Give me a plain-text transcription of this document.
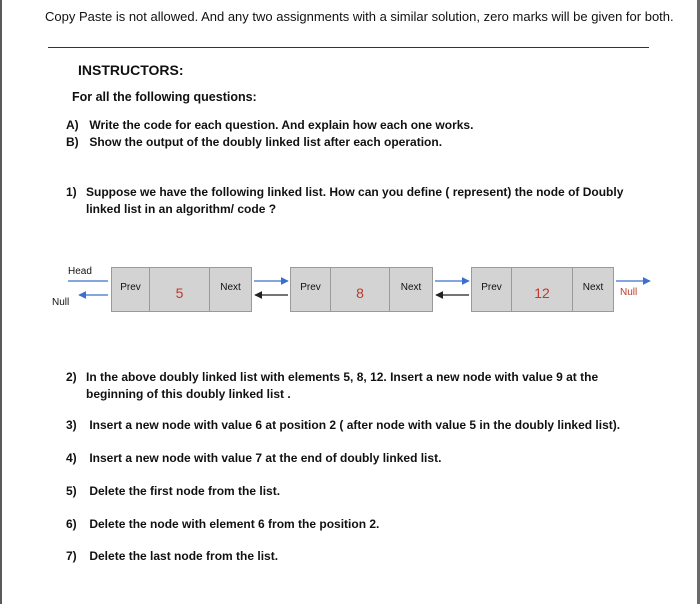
Copy Paste is not allowed. And any two assignments with a similar solution, zero marks will be given for both.
INSTRUCTORS:
For all the following questions:
A) Write the code for each question. And explain how each one works.
B) Show the output of the doubly linked list after each operation.
1) Suppose we have the following linked list. How can you define ( represent) the node of Doubly linked list in an algorithm/ code ?
Head
Null
Null
Prev	5	Next	Prev	8	Next	Prev	12	Next
2) In the above doubly linked list with elements 5, 8, 12. Insert a new node with value 9 at the beginning of this doubly linked list .
3) Insert a new node with value 6 at position 2 ( after node with value 5 in the doubly linked list).
4) Insert a new node with value 7 at the end of doubly linked list.
5) Delete the first node from the list.
6) Delete the node with element 6 from the position 2.
7) Delete the last node from the list.
